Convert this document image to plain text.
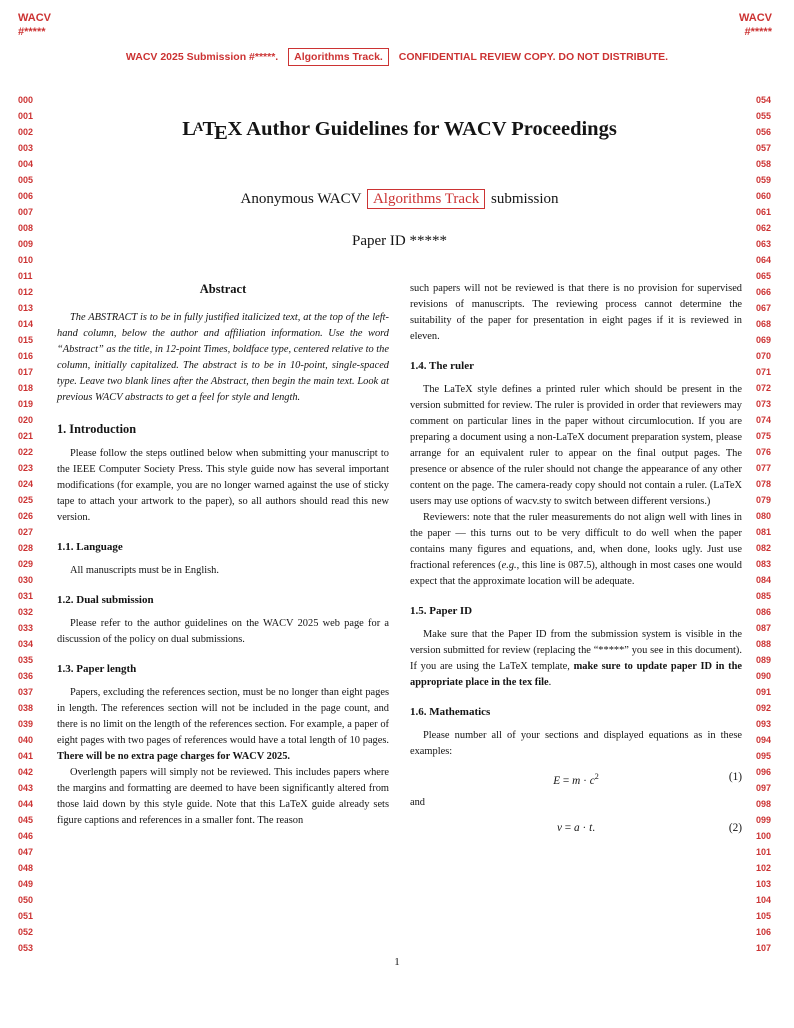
WACV
#*****
WACV
#*****
WACV 2025 Submission #*****. Algorithms Track. CONFIDENTIAL REVIEW COPY. DO NOT DISTRIBUTE.
000
001
002
003
004
005
006
007
008
009
010
011
012
013
014
015
016
017
018
019
020
021
022
023
024
025
026
027
028
029
030
031
032
033
034
035
036
037
038
039
040
041
042
043
044
045
046
047
048
049
050
051
052
053
054
055
056
057
058
059
060
061
062
063
064
065
066
067
068
069
070
071
072
073
074
075
076
077
078
079
080
081
082
083
084
085
086
087
088
089
090
091
092
093
094
095
096
097
098
099
100
101
102
103
104
105
106
107
LATEX Author Guidelines for WACV Proceedings
Anonymous WACV Algorithms Track submission
Paper ID *****
Abstract

The ABSTRACT is to be in fully justified italicized text, at the top of the left-hand column, below the author and affiliation information. Use the word “Abstract” as the title, in 12-point Times, boldface type, centered relative to the column, initially capitalized. The abstract is to be in 10-point, single-spaced type. Leave two blank lines after the Abstract, then begin the main text. Look at previous WACV abstracts to get a feel for style and length.

1. Introduction

Please follow the steps outlined below when submitting your manuscript to the IEEE Computer Society Press. This style guide now has several important modifications (for example, you are no longer warned against the use of sticky tape to attach your artwork to the paper), so all authors should read this new version.

1.1. Language

All manuscripts must be in English.

1.2. Dual submission

Please refer to the author guidelines on the WACV 2025 web page for a discussion of the policy on dual submissions.

1.3. Paper length

Papers, excluding the references section, must be no longer than eight pages in length. The references section will not be included in the page count, and there is no limit on the length of the references section. For example, a paper of eight pages with two pages of references would have a total length of 10 pages. There will be no extra page charges for WACV 2025.

Overlength papers will simply not be reviewed. This includes papers where the margins and formatting are deemed to have been significantly altered from those laid down by this style guide. Note that this LaTeX guide already sets figure captions and references in a smaller font. The reason

such papers will not be reviewed is that there is no provision for supervised revisions of manuscripts. The reviewing process cannot determine the suitability of the paper for presentation in eight pages if it is reviewed in eleven.

1.4. The ruler

The LaTeX style defines a printed ruler which should be present in the version submitted for review. The ruler is provided in order that reviewers may comment on particular lines in the paper without circumlocution. If you are preparing a document using a non-LaTeX document preparation system, please arrange for an equivalent ruler to appear on the final output pages. The presence or absence of the ruler should not change the appearance of any other content on the page. The camera-ready copy should not contain a ruler. (LaTeX users may use options of wacv.sty to switch between different versions.)

Reviewers: note that the ruler measurements do not align well with lines in the paper — this turns out to be very difficult to do well when the paper contains many figures and equations, and, when done, looks ugly. Just use fractional references (e.g., this line is 087.5), although in most cases one would expect that the approximate location will be adequate.

1.5. Paper ID

Make sure that the Paper ID from the submission system is visible in the version submitted for review (replacing the “*****” you see in this document). If you are using the LaTeX template, make sure to update paper ID in the appropriate place in the tex file.

1.6. Mathematics

Please number all of your sections and displayed equations as in these examples:

$E = m \cdot c^2$	(1)

and

v = a · t.	(2)
1
